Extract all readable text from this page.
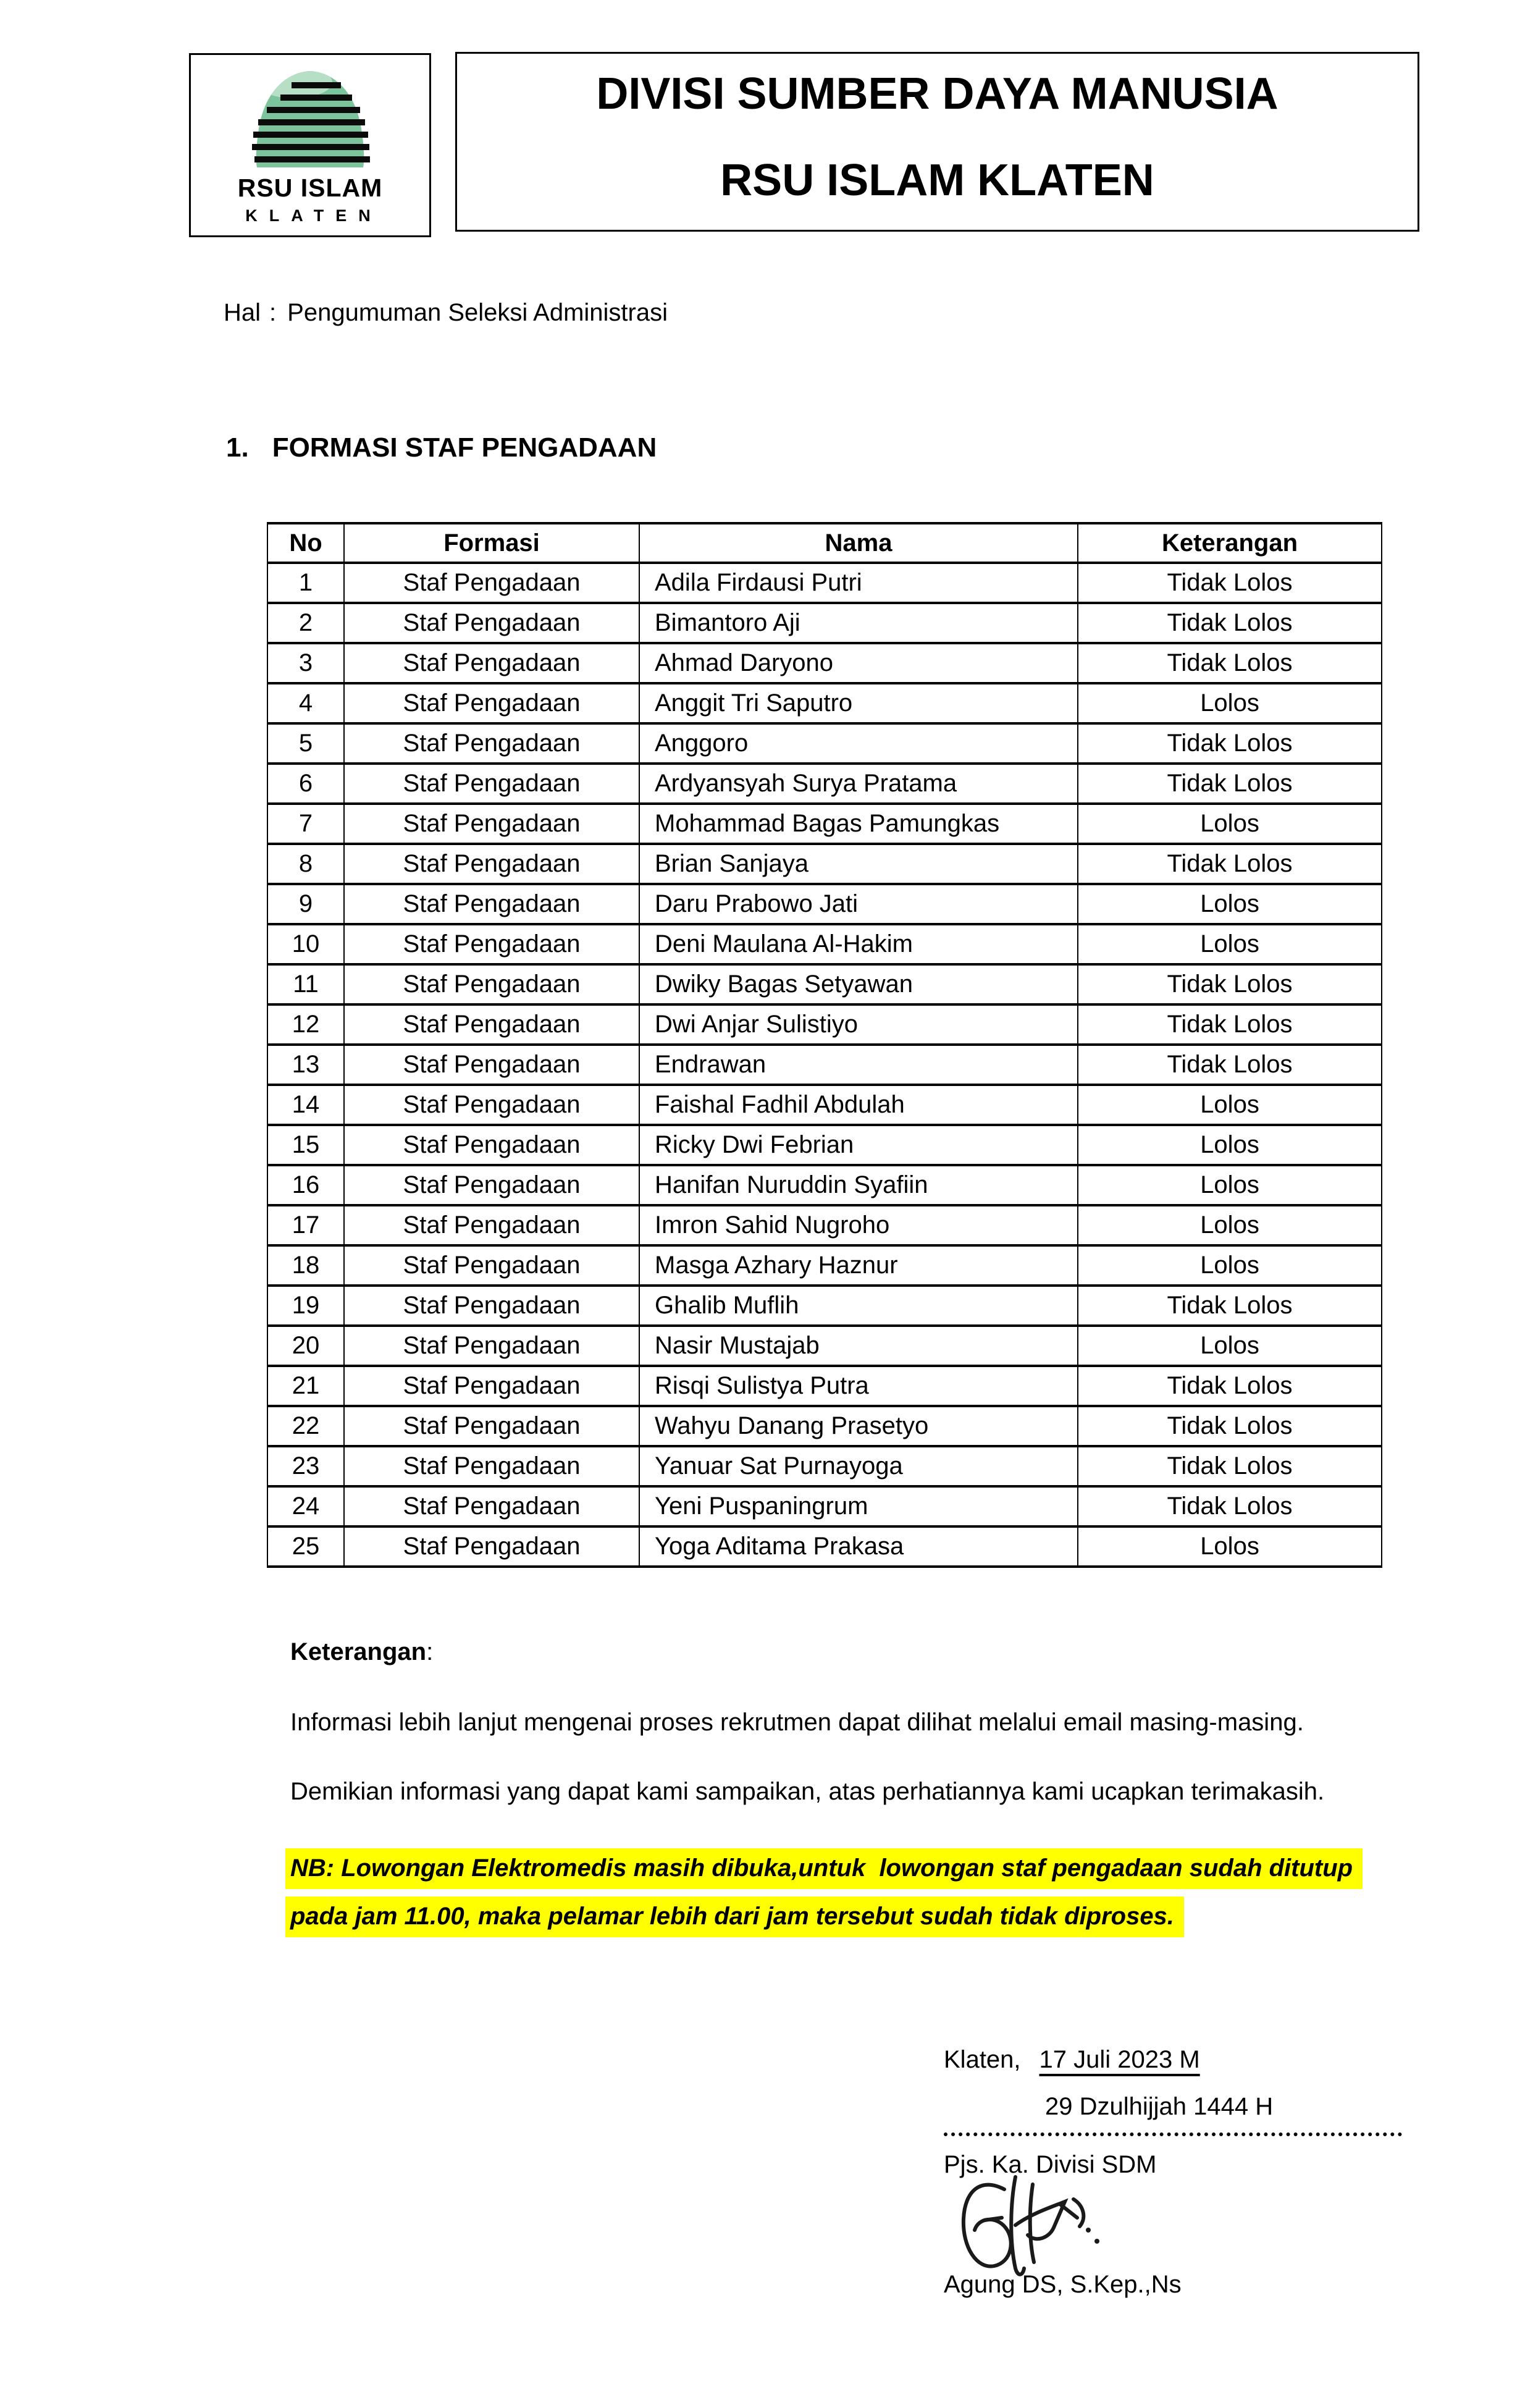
RSU ISLAM
KLATEN
DIVISI SUMBER DAYA MANUSIA
RSU ISLAM KLATEN
Hal : Pengumuman Seleksi Administrasi
1. FORMASI STAF PENGADAAN
No	Formasi	Nama	Keterangan
1	Staf Pengadaan	Adila Firdausi Putri	Tidak Lolos
2	Staf Pengadaan	Bimantoro Aji	Tidak Lolos
3	Staf Pengadaan	Ahmad Daryono	Tidak Lolos
4	Staf Pengadaan	Anggit Tri Saputro	Lolos
5	Staf Pengadaan	Anggoro	Tidak Lolos
6	Staf Pengadaan	Ardyansyah Surya Pratama	Tidak Lolos
7	Staf Pengadaan	Mohammad Bagas Pamungkas	Lolos
8	Staf Pengadaan	Brian Sanjaya	Tidak Lolos
9	Staf Pengadaan	Daru Prabowo Jati	Lolos
10	Staf Pengadaan	Deni Maulana Al-Hakim	Lolos
11	Staf Pengadaan	Dwiky Bagas Setyawan	Tidak Lolos
12	Staf Pengadaan	Dwi Anjar Sulistiyo	Tidak Lolos
13	Staf Pengadaan	Endrawan	Tidak Lolos
14	Staf Pengadaan	Faishal Fadhil Abdulah	Lolos
15	Staf Pengadaan	Ricky Dwi Febrian	Lolos
16	Staf Pengadaan	Hanifan Nuruddin Syafiin	Lolos
17	Staf Pengadaan	Imron Sahid Nugroho	Lolos
18	Staf Pengadaan	Masga Azhary Haznur	Lolos
19	Staf Pengadaan	Ghalib Muflih	Tidak Lolos
20	Staf Pengadaan	Nasir Mustajab	Lolos
21	Staf Pengadaan	Risqi Sulistya Putra	Tidak Lolos
22	Staf Pengadaan	Wahyu Danang Prasetyo	Tidak Lolos
23	Staf Pengadaan	Yanuar Sat Purnayoga	Tidak Lolos
24	Staf Pengadaan	Yeni Puspaningrum	Tidak Lolos
25	Staf Pengadaan	Yoga Aditama Prakasa	Lolos
Keterangan:
Informasi lebih lanjut mengenai proses rekrutmen dapat dilihat melalui email masing-masing.
Demikian informasi yang dapat kami sampaikan, atas perhatiannya kami ucapkan terimakasih.
NB: Lowongan Elektromedis masih dibuka,untuk  lowongan staf pengadaan sudah ditutup
pada jam 11.00, maka pelamar lebih dari jam tersebut sudah tidak diproses.
Klaten, 17 Juli 2023 M
29 Dzulhijjah 1444 H
Pjs. Ka. Divisi SDM
Agung DS, S.Kep.,Ns
